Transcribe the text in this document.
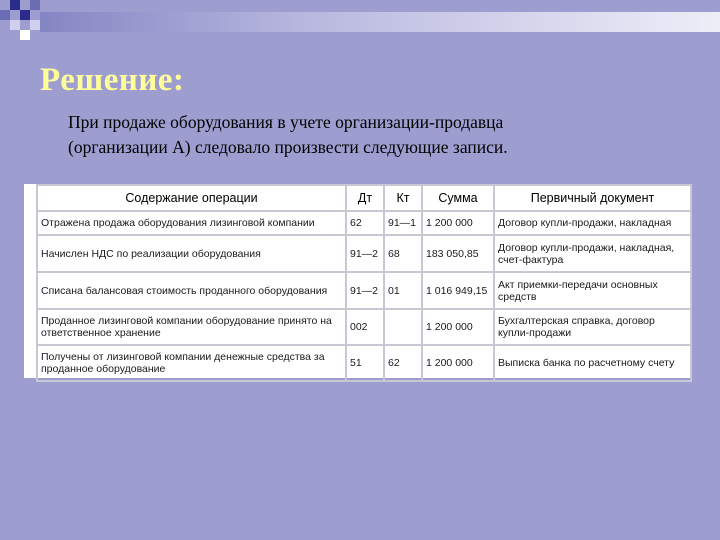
Решение:
При продаже оборудования в учете организации-продавца
(организации А) следовало произвести следующие записи.
Содержание операции	Дт	Кт	Сумма	Первичный документ
Отражена продажа оборудования лизинговой компании	62	91—1	1 200 000	Договор купли-продажи, накладная
Начислен НДС по реализации оборудования	91—2	68	183 050,85	Договор купли-продажи, накладная, счет-фактура
Списана балансовая стоимость проданного оборудования	91—2	01	1 016 949,15	Акт приемки-передачи основных средств
Проданное лизинговой компании оборудование принято на ответственное хранение	002		1 200 000	Бухгалтерская справка, договор купли-продажи
Получены от лизинговой компании денежные средства за проданное оборудование	51	62	1 200 000	Выписка банка по расчетному счету
